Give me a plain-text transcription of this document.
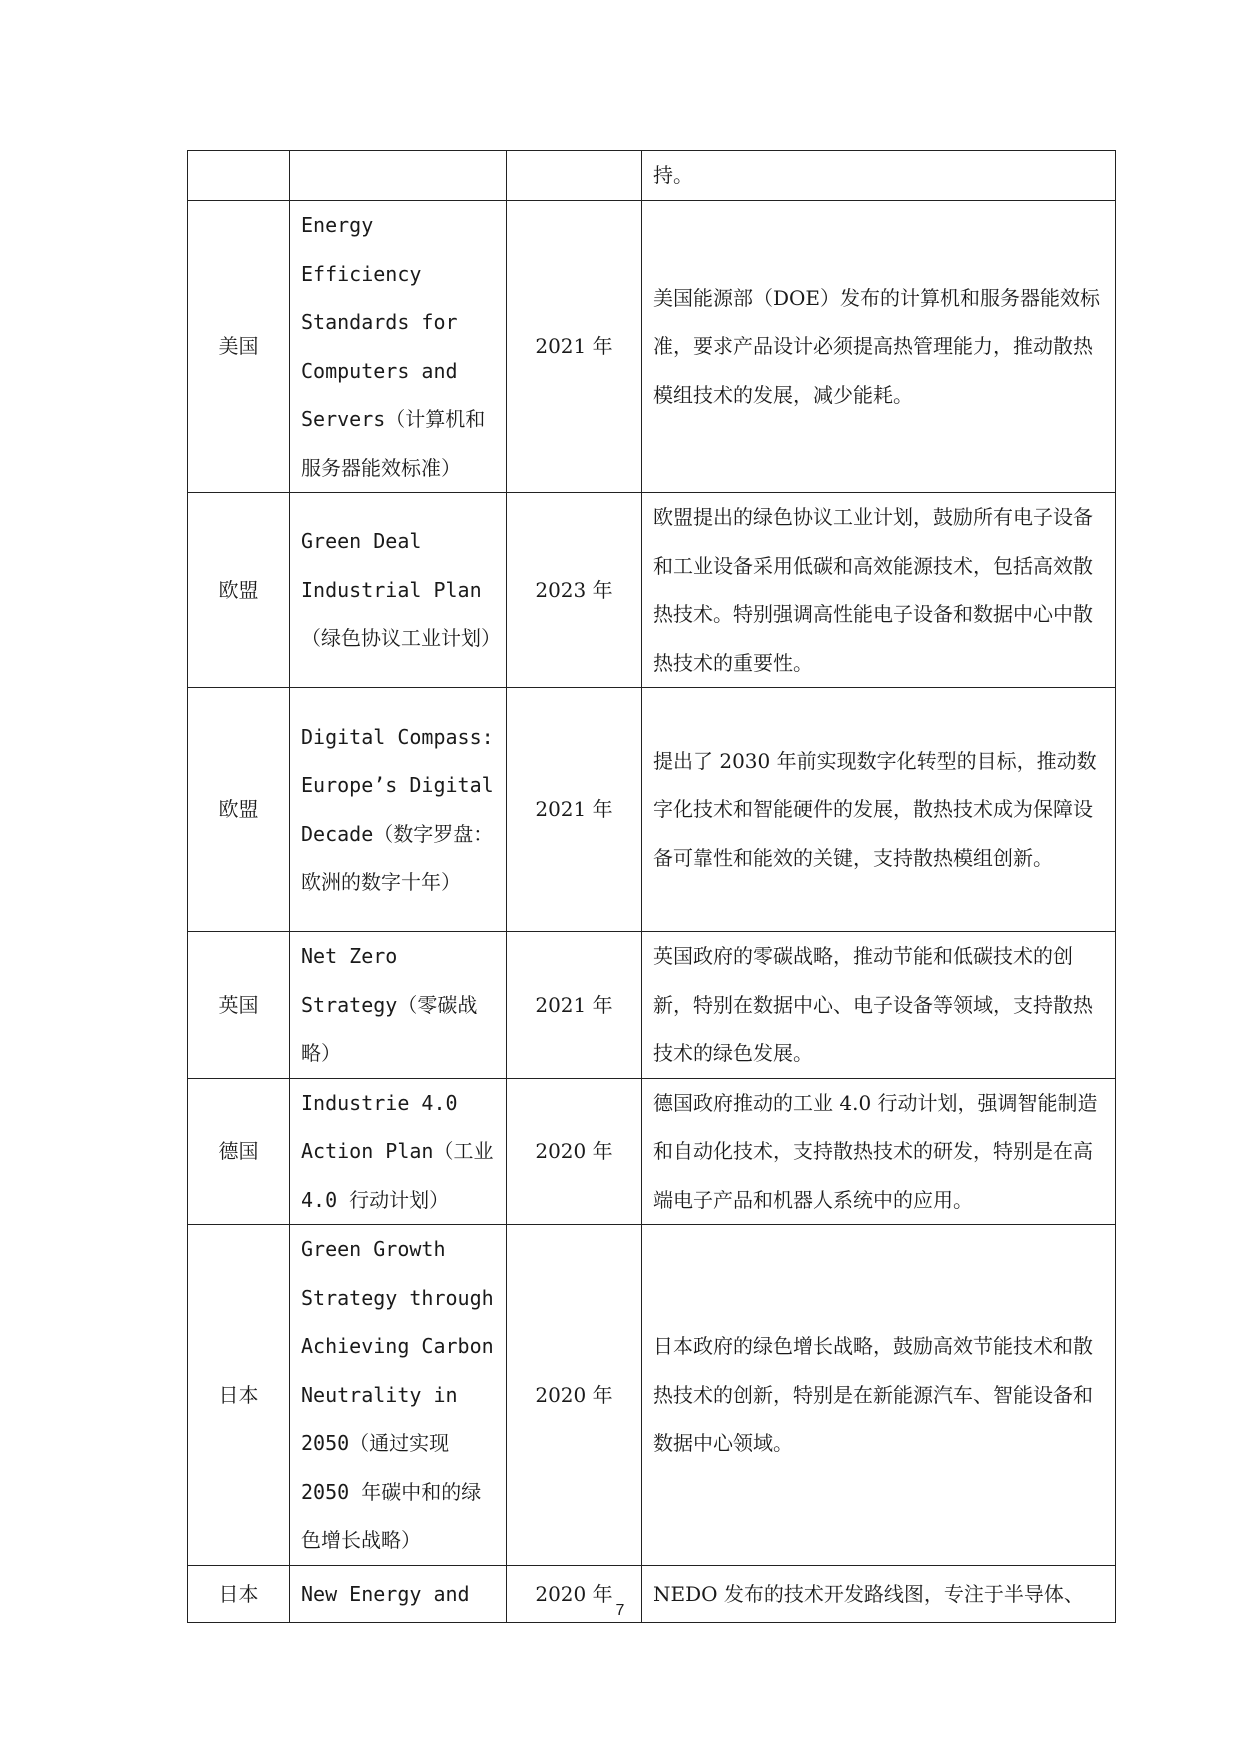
			持。
美国	Energy Efficiency Standards for Computers and Servers（计算机和服务器能效标准）	2021 年	美国能源部（DOE）发布的计算机和服务器能效标准，要求产品设计必须提高热管理能力，推动散热模组技术的发展，减少能耗。
欧盟	Green Deal Industrial Plan（绿色协议工业计划）	2023 年	欧盟提出的绿色协议工业计划，鼓励所有电子设备和工业设备采用低碳和高效能源技术，包括高效散热技术。特别强调高性能电子设备和数据中心中散热技术的重要性。
欧盟	Digital Compass: Europe’s Digital Decade（数字罗盘：欧洲的数字十年）	2021 年	提出了 2030 年前实现数字化转型的目标，推动数字化技术和智能硬件的发展，散热技术成为保障设备可靠性和能效的关键，支持散热模组创新。
英国	Net Zero Strategy（零碳战略）	2021 年	英国政府的零碳战略，推动节能和低碳技术的创新，特别在数据中心、电子设备等领域，支持散热技术的绿色发展。
德国	Industrie 4.0 Action Plan（工业 4.0 行动计划）	2020 年	德国政府推动的工业 4.0 行动计划，强调智能制造和自动化技术，支持散热技术的研发，特别是在高端电子产品和机器人系统中的应用。
日本	Green Growth Strategy through Achieving Carbon Neutrality in 2050（通过实现 2050 年碳中和的绿色增长战略）	2020 年	日本政府的绿色增长战略，鼓励高效节能技术和散热技术的创新，特别是在新能源汽车、智能设备和数据中心领域。
日本	New Energy and	2020 年	NEDO 发布的技术开发路线图，专注于半导体、
7
